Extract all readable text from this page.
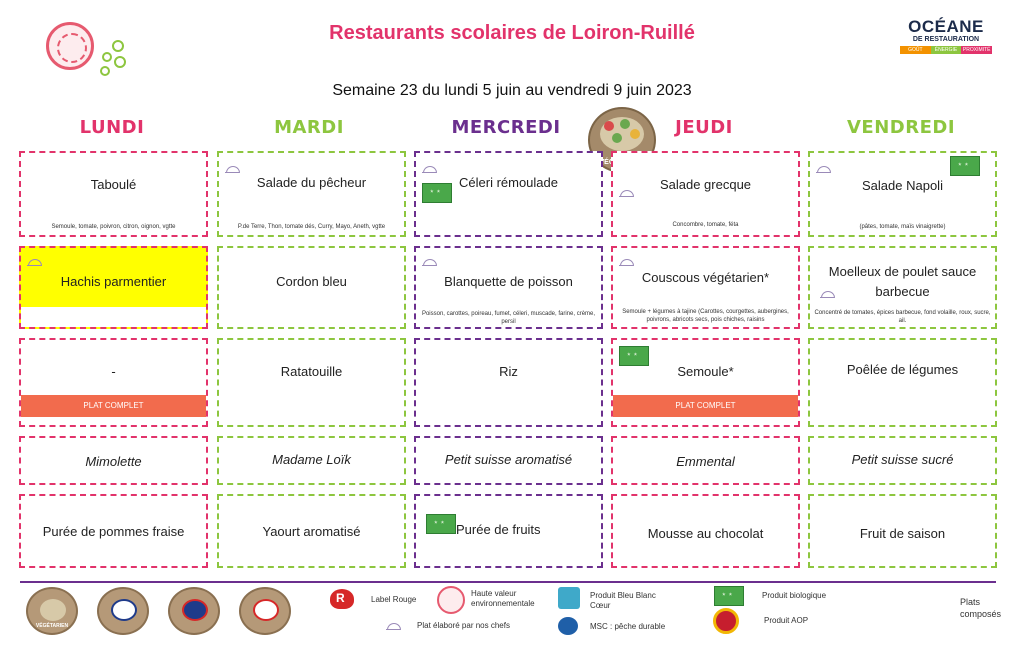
Restaurants scolaires de Loiron-Ruillé	OCÉANE
DE RESTAURATION
GOÛT	ÉNERGIE	PROXIMITÉ
Semaine 23 du lundi 5 juin au vendredi 9 juin 2023
LUNDI	MARDI	MERCREDI	JEUDI	VENDREDI
Taboulé
Semoule, tomate, poivron, citron, oignon, vgtte
Salade du pêcheur
P.de Terre, Thon, tomate dés, Curry, Mayo, Aneth, vgtte
⋆⋆
Céleri rémoulade	Salade grecque
Concombre, tomate, féta
⋆⋆
Salade Napoli
(pâtes, tomate, maïs vinaigrette)
Hachis parmentier	Cordon bleu	Blanquette de poisson
Poisson, carottes, poireau, fumet, céleri, muscade, farine, crème, persil
Couscous végétarien*
Semoule + légumes à tajine (Carottes, courgettes, aubergines, poivrons, abricots secs, pois chiches, raisins
Moelleux de poulet sauce barbecue
Concentré de tomates, épices barbecue, fond volaille, roux, sucre, ail.
-
PLAT COMPLET
Ratatouille	Riz
⋆⋆	Semoule*
PLAT COMPLET
Poêlée de légumes
Mimolette	Madame Loïk	Petit suisse aromatisé	Emmental	Petit suisse sucré
Purée de pommes fraise	Yaourt aromatisé
⋆⋆	Purée de fruits	Mousse au chocolat	Fruit de saison
VÉGÉTARIEN
R
Label Rouge
Haute valeur environnementale
Produit Bleu Blanc Cœur
⋆⋆
Produit biologique
Plat élaboré par nos chefs	MSC : pêche durable
Produit AOP
Plats composés
